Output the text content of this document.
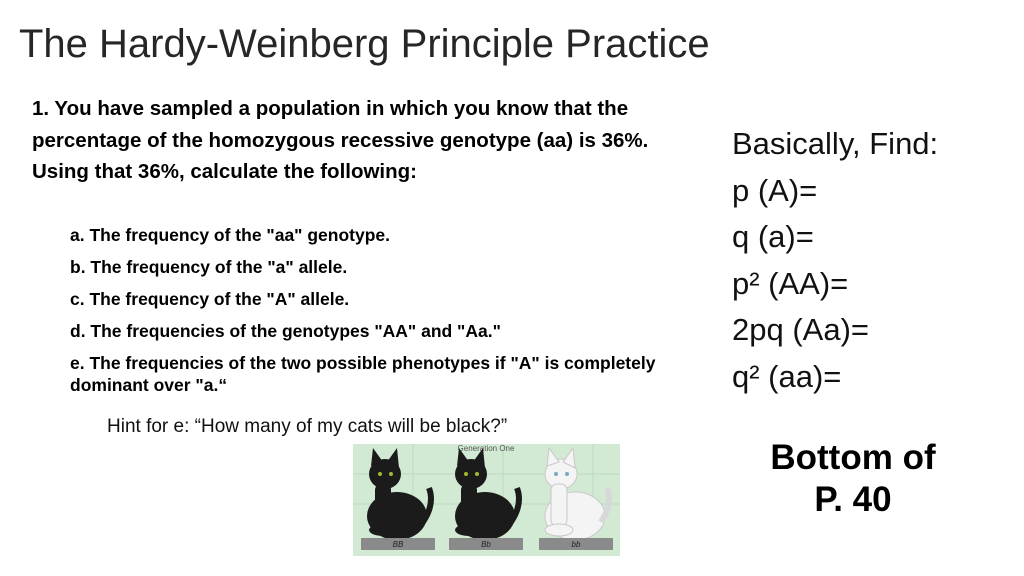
The Hardy-Weinberg Principle Practice

1. You have sampled a population in which you know that the percentage of the homozygous recessive genotype (aa) is 36%. Using that 36%, calculate the following:

a. The frequency of the "aa" genotype.
b. The frequency of the "a" allele.
c. The frequency of the "A" allele.
d. The frequencies of the genotypes "AA" and "Aa."
e. The frequencies of the two possible phenotypes if "A" is completely dominant over "a.“
Hint for e: “How many of my cats will be black?”
Basically, Find:
p (A)=
q (a)=
p² (AA)=
2pq (Aa)=
q² (aa)=
Bottom of
P. 40
Generation One
BB	Bb	bb
